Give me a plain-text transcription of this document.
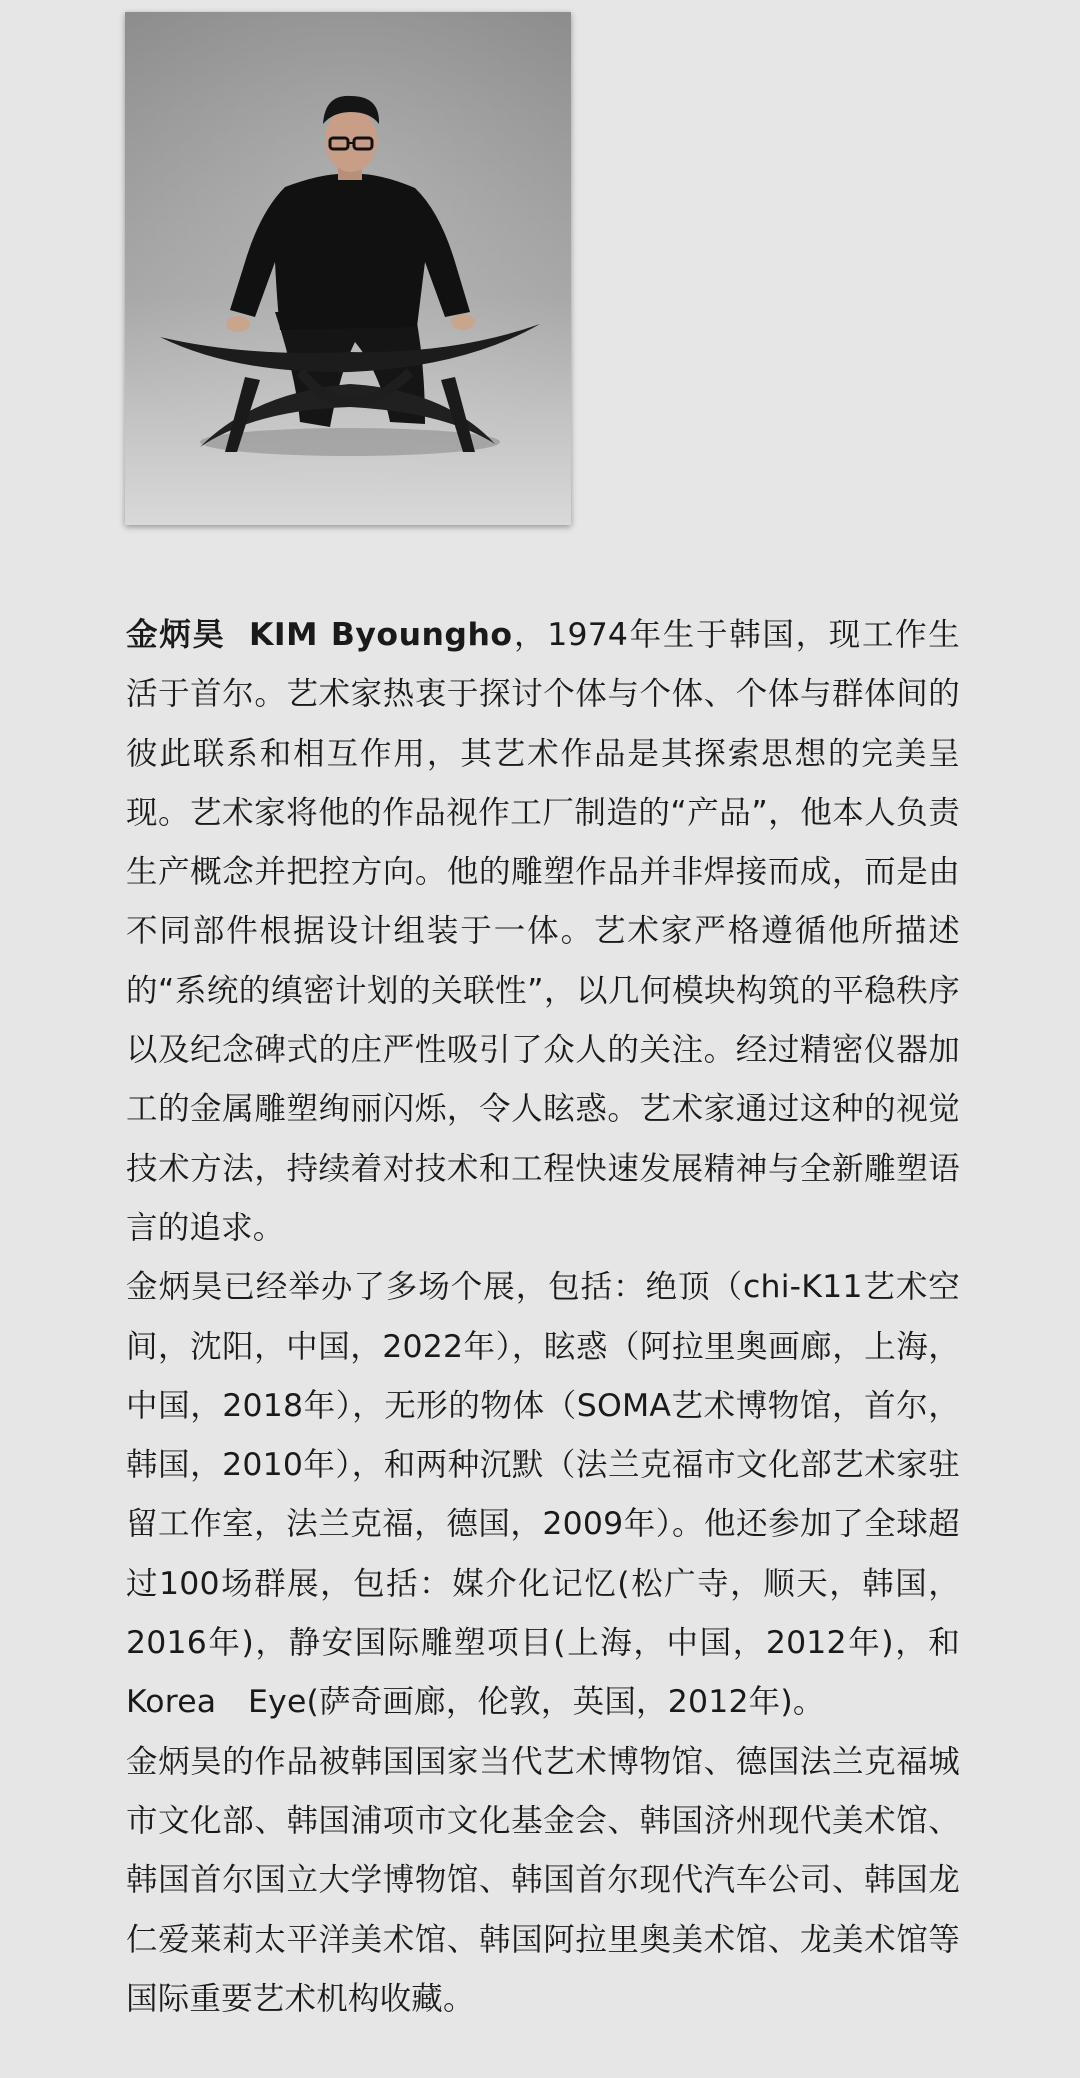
金炳昊 KIM Byoungho，1974年生于韩国，现工作生活于首尔。艺术家热衷于探讨个体与个体、个体与群体间的彼此联系和相互作用，其艺术作品是其探索思想的完美呈现。艺术家将他的作品视作工厂制造的“产品”，他本人负责生产概念并把控方向。他的雕塑作品并非焊接而成，而是由不同部件根据设计组装于一体。艺术家严格遵循他所描述的“系统的缜密计划的关联性”，以几何模块构筑的平稳秩序以及纪念碑式的庄严性吸引了众人的关注。经过精密仪器加工的金属雕塑绚丽闪烁，令人眩惑。艺术家通过这种的视觉技术方法，持续着对技术和工程快速发展精神与全新雕塑语言的追求。

金炳昊已经举办了多场个展，包括：绝顶（chi-K11艺术空间，沈阳，中国，2022年），眩惑（阿拉里奥画廊，上海，中国，2018年），无形的物体（SOMA艺术博物馆，首尔，韩国，2010年），和两种沉默（法兰克福市文化部艺术家驻留工作室，法兰克福，德国，2009年）。他还参加了全球超过100场群展，包括：媒介化记忆(松广寺，顺天，韩国，2016年)，静安国际雕塑项目(上海，中国，2012年)，和Korea　Eye(萨奇画廊，伦敦，英国，2012年)。

金炳昊的作品被韩国国家当代艺术博物馆、德国法兰克福城市文化部、韩国浦项市文化基金会、韩国济州现代美术馆、韩国首尔国立大学博物馆、韩国首尔现代汽车公司、韩国龙仁爱莱莉太平洋美术馆、韩国阿拉里奥美术馆、龙美术馆等国际重要艺术机构收藏。
